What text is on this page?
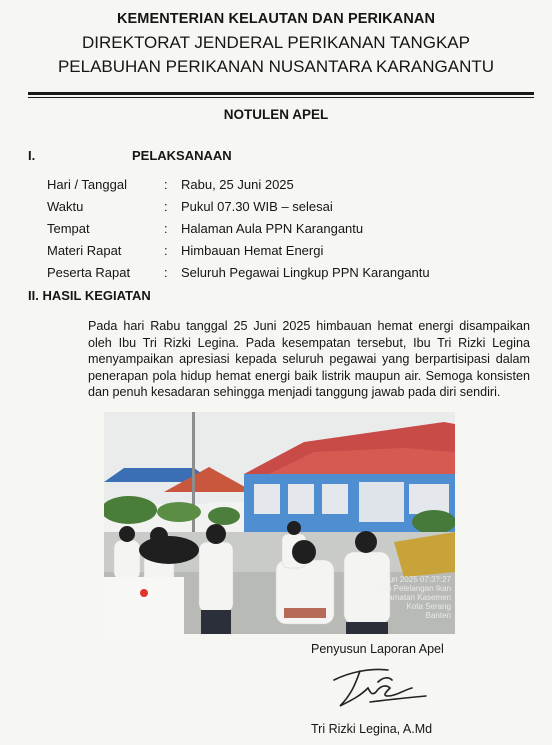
KEMENTERIAN KELAUTAN DAN PERIKANAN
DIREKTORAT JENDERAL PERIKANAN TANGKAP
PELABUHAN PERIKANAN NUSANTARA KARANGANTU
NOTULEN APEL
I.	PELAKSANAAN
Hari / Tanggal	: Rabu, 25 Juni 2025
Waktu	: Pukul 07.30 WIB – selesai
Tempat	: Halaman Aula PPN Karangantu
Materi Rapat	: Himbauan Hemat Energi
Peserta Rapat	: Seluruh Pegawai Lingkup PPN Karangantu
II. HASIL KEGIATAN

Pada hari Rabu tanggal 25 Juni 2025 himbauan hemat energi disampaikan oleh Ibu Tri Rizki Legina. Pada kesempatan tersebut, Ibu Tri Rizki Legina menyampaikan apresiasi kepada seluruh pegawai yang berpartisipasi dalam penerapan pola hidup hemat energi baik listrik maupun air. Semoga konsisten dan penuh kesadaran sehingga menjadi tanggung jawab pada diri sendiri.

Jun 2025 07:3?:27
Jalan Pelelangan Ikan
Kecamatan Kasemen
Kota Serang
Banten
Penyusun Laporan Apel
Tri Rizki Legina, A.Md
